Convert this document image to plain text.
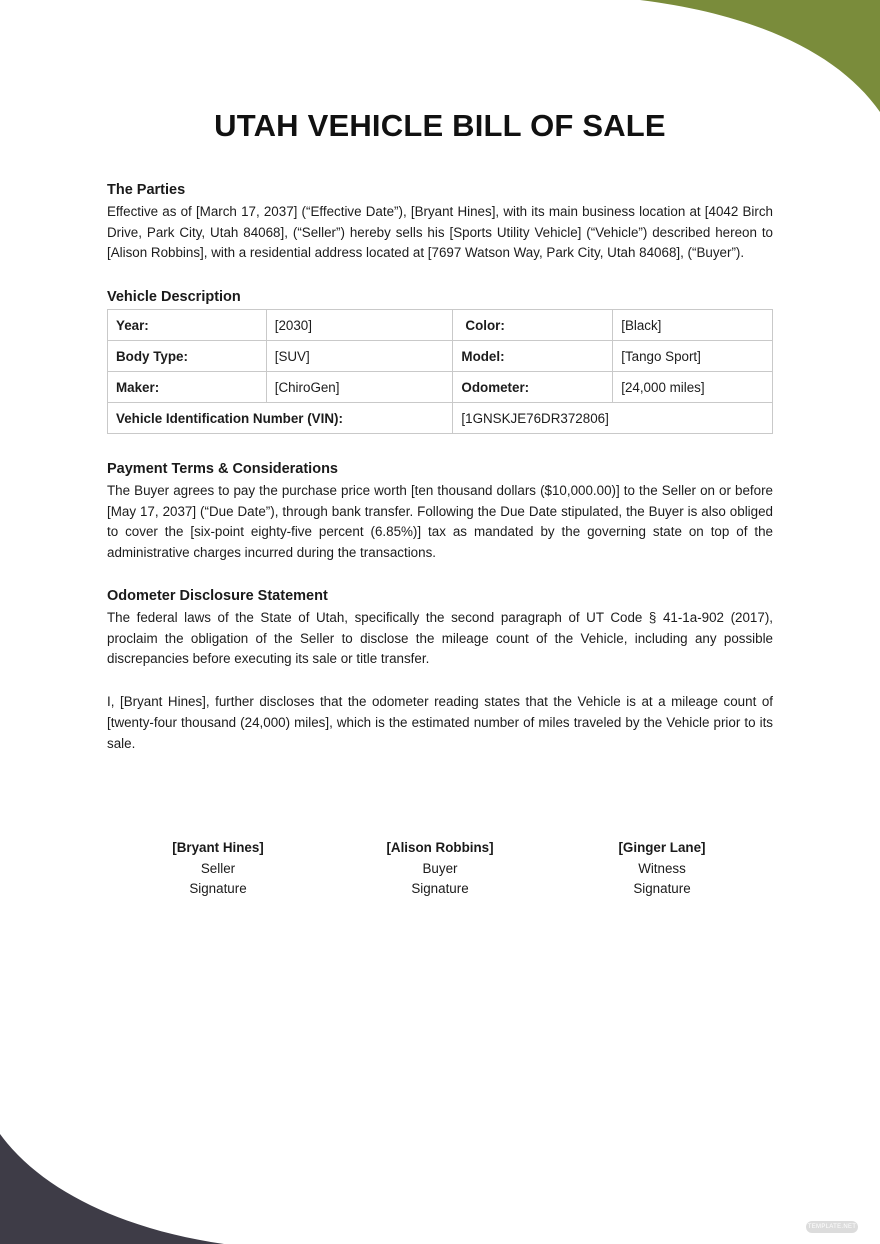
UTAH VEHICLE BILL OF SALE
The Parties

Effective as of [March 17, 2037] (“Effective Date”), [Bryant Hines], with its main business location at [4042 Birch Drive, Park City, Utah 84068], (“Seller”) hereby sells his [Sports Utility Vehicle] (“Vehicle”) described hereon to [Alison Robbins], with a residential address located at [7697 Watson Way, Park City, Utah 84068], (“Buyer”).

Vehicle Description
Year:	[2030]	Color:	[Black]
Body Type:	[SUV]	Model:	[Tango Sport]
Maker:	[ChiroGen]	Odometer:	[24,000 miles]
Vehicle Identification Number (VIN):		[1GNSKJE76DR372806]	
Payment Terms & Considerations

The Buyer agrees to pay the purchase price worth [ten thousand dollars ($10,000.00)] to the Seller on or before [May 17, 2037] (“Due Date”), through bank transfer. Following the Due Date stipulated, the Buyer is also obliged to cover the [six-point eighty-five percent (6.85%)] tax as mandated by the governing state on top of the administrative charges incurred during the transactions.

Odometer Disclosure Statement

The federal laws of the State of Utah, specifically the second paragraph of UT Code § 41-1a-902 (2017), proclaim the obligation of the Seller to disclose the mileage count of the Vehicle, including any possible discrepancies before executing its sale or title transfer.

I, [Bryant Hines], further discloses that the odometer reading states that the Vehicle is at a mileage count of [twenty-four thousand (24,000) miles], which is the estimated number of miles traveled by the Vehicle prior to its sale.

[Bryant Hines]
Seller
Signature
[Alison Robbins]
Buyer
Signature
[Ginger Lane]
Witness
Signature
TEMPLATE.NET
